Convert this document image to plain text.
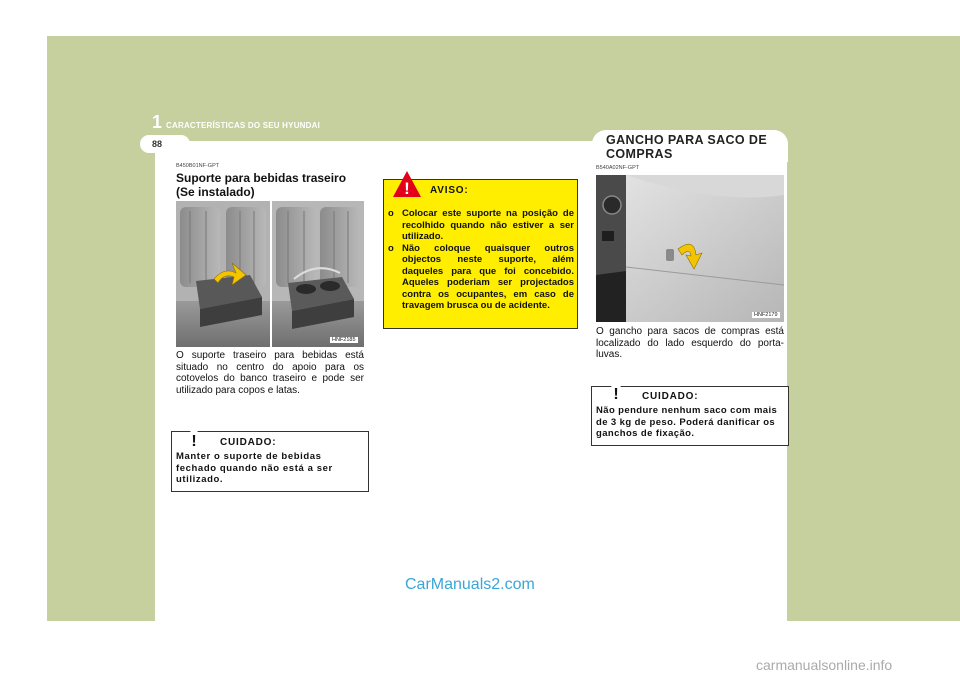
1 CARACTERÍSTICAS DO SEU HYUNDAI
88	GANCHO PARA SACO DE COMPRAS
B450B01NF-GPT
Suporte para bebidas traseiro (Se instalado)
HNF2185
O suporte traseiro para bebidas está situado no centro do apoio para os cotovelos do banco traseiro e pode ser utilizado para copos e latas.
! CUIDADO:
Manter o suporte de bebidas fechado quando não está a ser utilizado.
! AVISO:
o Colocar este suporte na posição de recolhido quando não estiver a ser utilizado.
o Não coloque quaisquer outros objectos neste suporte, além daqueles para que foi concebido. Aqueles poderiam ser projectados contra os ocupantes, em caso de travagem brusca ou de acidente.
B540A02NF-GPT
HNF2179
O gancho para sacos de compras está localizado do lado esquerdo do porta-luvas.
! CUIDADO:
Não pendure nenhum saco com mais de 3 kg de peso. Poderá danificar os ganchos de fixação.
CarManuals2.com
carmanualsonline.info
